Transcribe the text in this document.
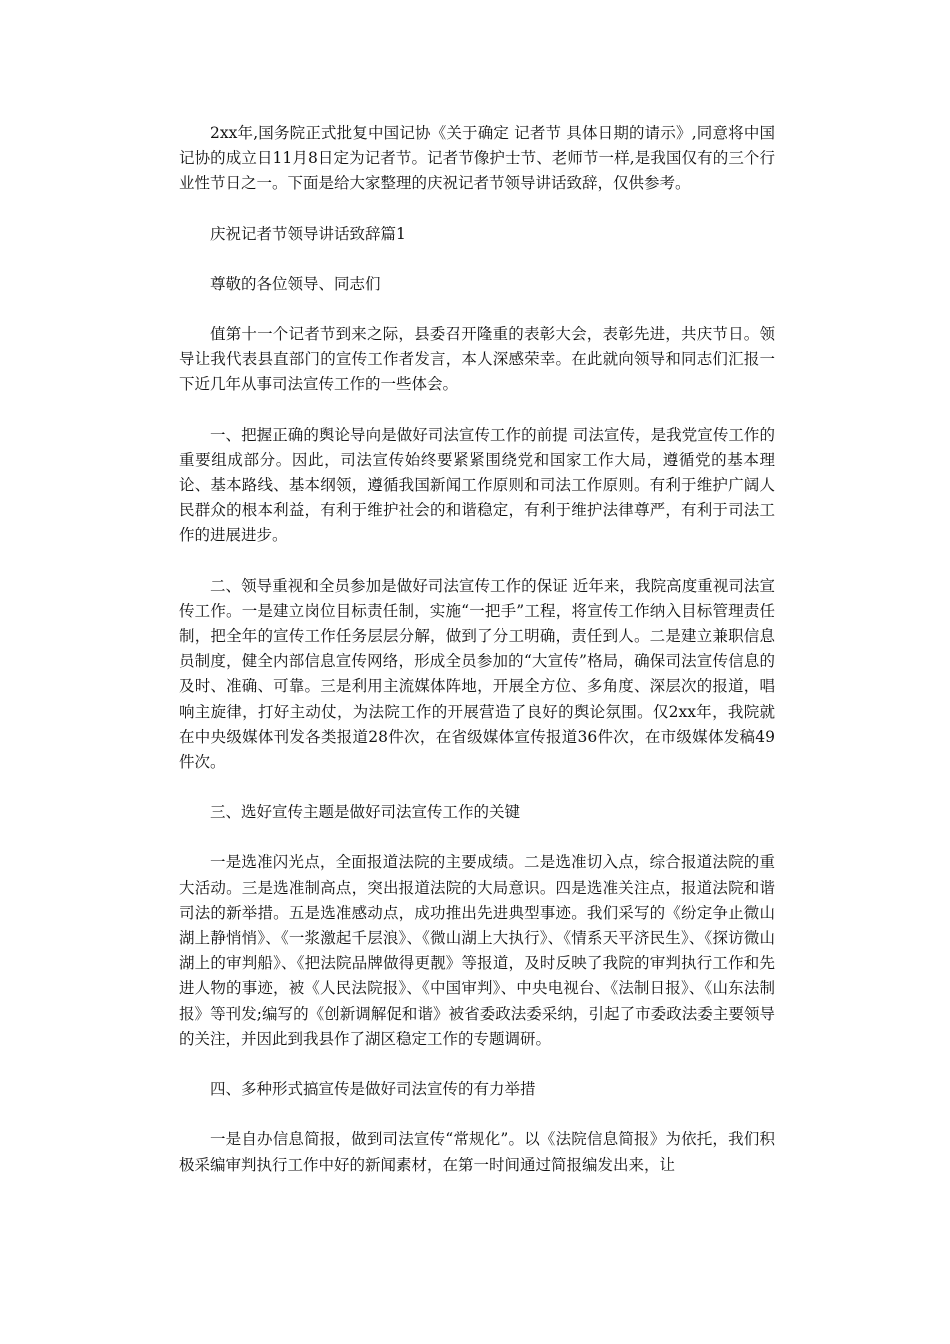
2xx年,国务院正式批复中国记协《关于确定 记者节 具体日期的请示》,同意将中国记协的成立日11月8日定为记者节。记者节像护士节、老师节一样,是我国仅有的三个行业性节日之一。下面是给大家整理的庆祝记者节领导讲话致辞，仅供参考。

庆祝记者节领导讲话致辞篇1

尊敬的各位领导、同志们

值第十一个记者节到来之际，县委召开隆重的表彰大会，表彰先进，共庆节日。领导让我代表县直部门的宣传工作者发言，本人深感荣幸。在此就向领导和同志们汇报一下近几年从事司法宣传工作的一些体会。

一、把握正确的舆论导向是做好司法宣传工作的前提 司法宣传，是我党宣传工作的重要组成部分。因此，司法宣传始终要紧紧围绕党和国家工作大局，遵循党的基本理论、基本路线、基本纲领，遵循我国新闻工作原则和司法工作原则。有利于维护广阔人民群众的根本利益，有利于维护社会的和谐稳定，有利于维护法律尊严，有利于司法工作的进展进步。

二、领导重视和全员参加是做好司法宣传工作的保证 近年来，我院高度重视司法宣传工作。一是建立岗位目标责任制，实施“一把手”工程，将宣传工作纳入目标管理责任制，把全年的宣传工作任务层层分解，做到了分工明确，责任到人。二是建立兼职信息员制度，健全内部信息宣传网络，形成全员参加的“大宣传”格局，确保司法宣传信息的及时、准确、可靠。三是利用主流媒体阵地，开展全方位、多角度、深层次的报道，唱响主旋律，打好主动仗，为法院工作的开展营造了良好的舆论氛围。仅2xx年，我院就在中央级媒体刊发各类报道28件次，在省级媒体宣传报道36件次，在市级媒体发稿49件次。

三、选好宣传主题是做好司法宣传工作的关键

一是选准闪光点，全面报道法院的主要成绩。二是选准切入点，综合报道法院的重大活动。三是选准制高点，突出报道法院的大局意识。四是选准关注点，报道法院和谐司法的新举措。五是选准感动点，成功推出先进典型事迹。我们采写的《纷定争止微山湖上静悄悄》、《一浆激起千层浪》、《微山湖上大执行》、《情系天平济民生》、《探访微山湖上的审判船》、《把法院品牌做得更靓》等报道，及时反映了我院的审判执行工作和先进人物的事迹，被《人民法院报》、《中国审判》、中央电视台、《法制日报》、《山东法制报》等刊发;编写的《创新调解促和谐》被省委政法委采纳，引起了市委政法委主要领导的关注，并因此到我县作了湖区稳定工作的专题调研。

四、多种形式搞宣传是做好司法宣传的有力举措

一是自办信息简报，做到司法宣传“常规化”。以《法院信息简报》为依托，我们积极采编审判执行工作中好的新闻素材，在第一时间通过简报编发出来，让
